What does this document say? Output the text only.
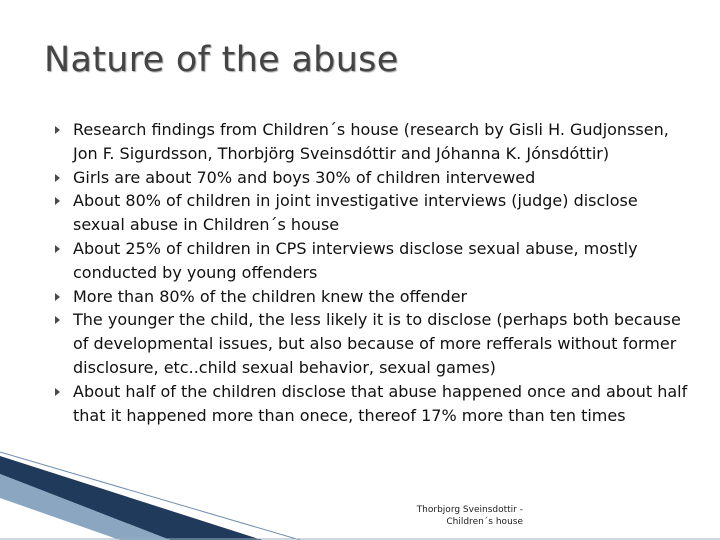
Nature of the abuse
Research findings from Children´s house (research by Gisli H. Gudjonssen, Jon F. Sigurdsson, Thorbjörg Sveinsdóttir and Jóhanna K. Jónsdóttir)
Girls are about 70% and boys 30% of children intervewed
About 80% of children in joint investigative interviews (judge) disclose sexual abuse in Children´s house
About 25% of children in CPS interviews disclose sexual abuse, mostly conducted by young offenders
More than 80% of the children knew the offender
The younger the child, the less likely it is to disclose (perhaps both because of developmental issues, but also because of more refferals without former disclosure, etc..child sexual behavior, sexual games)
About half of the children disclose that abuse happened once and about half that it happened more than onece, thereof 17% more than ten times
Thorbjorg Sveinsdottir -
Children´s house
